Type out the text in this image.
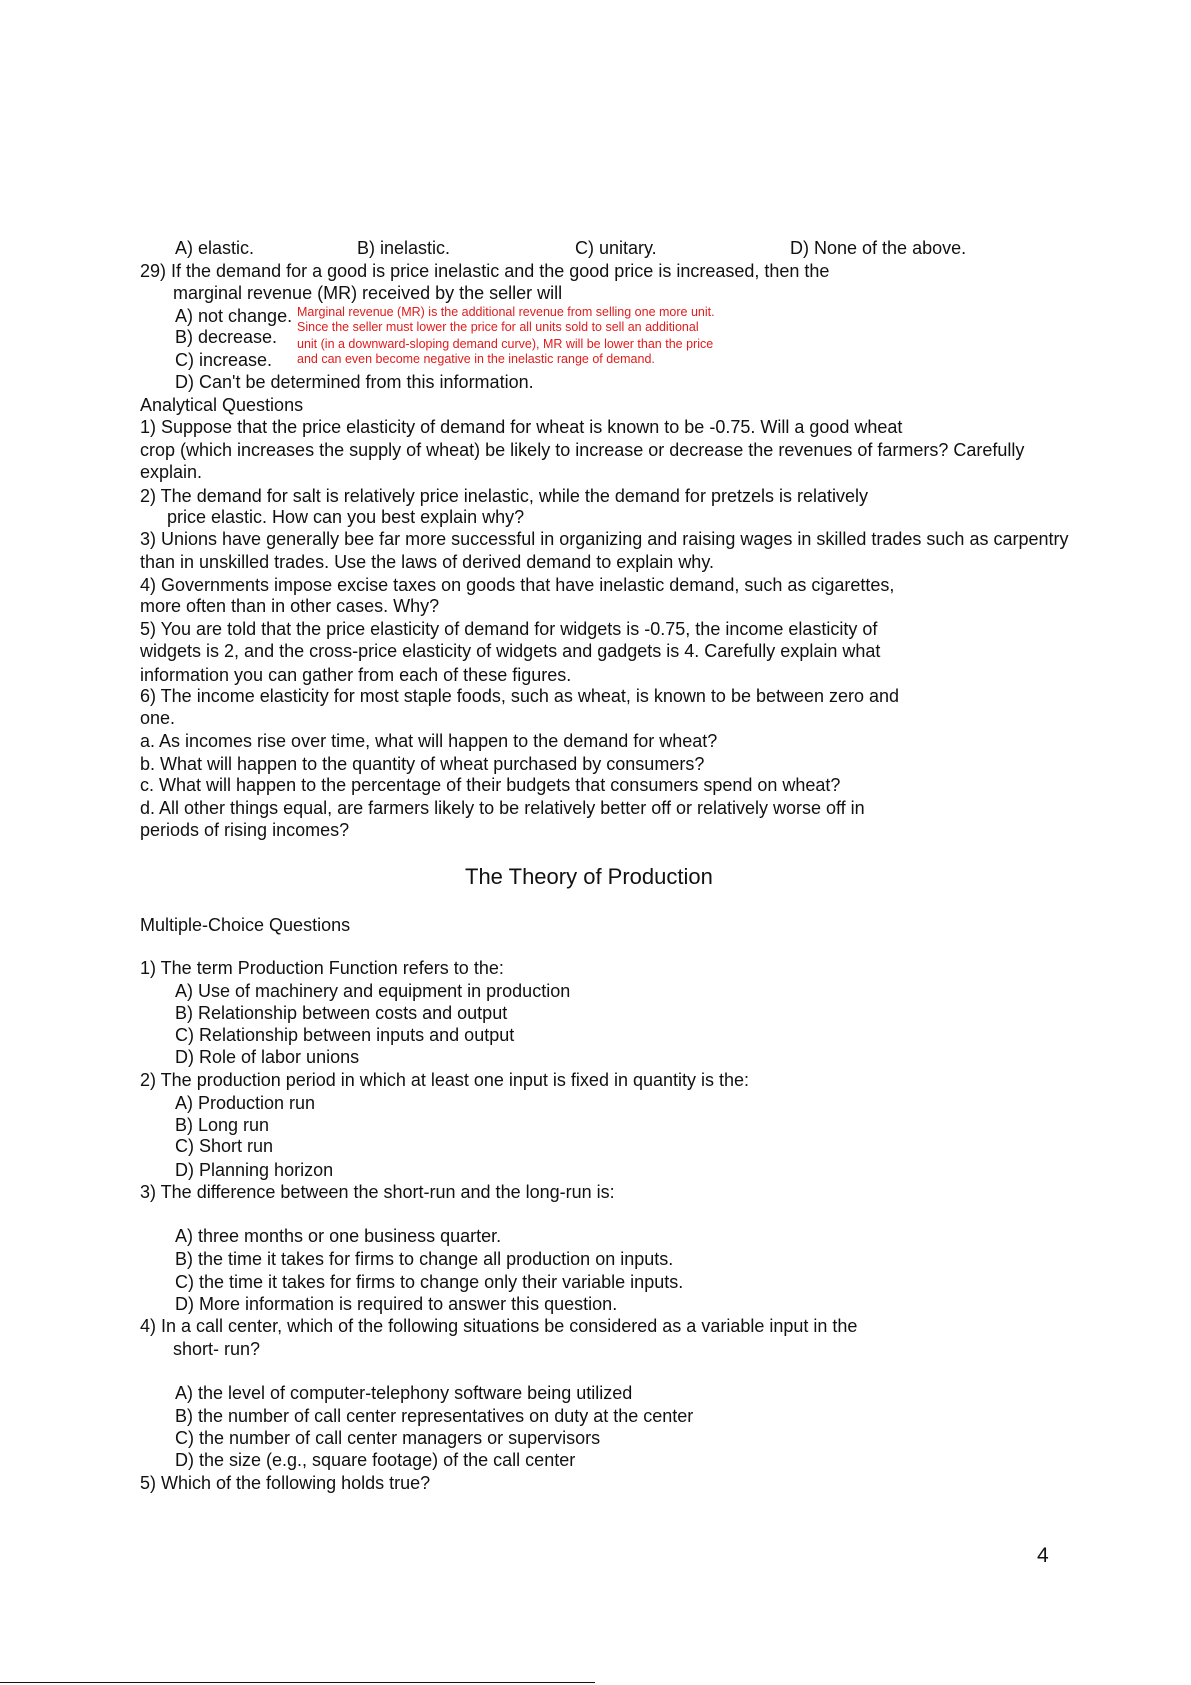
A) elastic.	B) inelastic.	C) unitary.	D) None of the above.
29) If the demand for a good is price inelastic and the good price is increased, then the
marginal revenue (MR) received by the seller will
A) not change.
B) decrease.
C) increase.
D) Can't be determined from this information.
Marginal revenue (MR) is the additional revenue from selling one more unit.
Since the seller must lower the price for all units sold to sell an additional
unit (in a downward-sloping demand curve), MR will be lower than the price
and can even become negative in the inelastic range of demand.
Analytical Questions
1) Suppose that the price elasticity of demand for wheat is known to be -0.75. Will a good wheat
crop (which increases the supply of wheat) be likely to increase or decrease the revenues of farmers? Carefully
explain.
2) The demand for salt is relatively price inelastic, while the demand for pretzels is relatively
price elastic. How can you best explain why?
3) Unions have generally bee far more successful in organizing and raising wages in skilled trades such as carpentry
than in unskilled trades. Use the laws of derived demand to explain why.
4) Governments impose excise taxes on goods that have inelastic demand, such as cigarettes,
more often than in other cases. Why?
5) You are told that the price elasticity of demand for widgets is -0.75, the income elasticity of
widgets is 2, and the cross-price elasticity of widgets and gadgets is 4. Carefully explain what
information you can gather from each of these figures.
6) The income elasticity for most staple foods, such as wheat, is known to be between zero and
one.
a. As incomes rise over time, what will happen to the demand for wheat?
b. What will happen to the quantity of wheat purchased by consumers?
c. What will happen to the percentage of their budgets that consumers spend on wheat?
d. All other things equal, are farmers likely to be relatively better off or relatively worse off in
periods of rising incomes?
The Theory of Production
Multiple-Choice Questions
1) The term Production Function refers to the:
A) Use of machinery and equipment in production
B) Relationship between costs and output
C) Relationship between inputs and output
D) Role of labor unions
2) The production period in which at least one input is fixed in quantity is the:
A) Production run
B) Long run
C) Short run
D) Planning horizon
3) The difference between the short-run and the long-run is:
A) three months or one business quarter.
B) the time it takes for firms to change all production on inputs.
C) the time it takes for firms to change only their variable inputs.
D) More information is required to answer this question.
4) In a call center, which of the following situations be considered as a variable input in the
short- run?
A) the level of computer-telephony software being utilized
B) the number of call center representatives on duty at the center
C) the number of call center managers or supervisors
D) the size (e.g., square footage) of the call center
5) Which of the following holds true?
4
